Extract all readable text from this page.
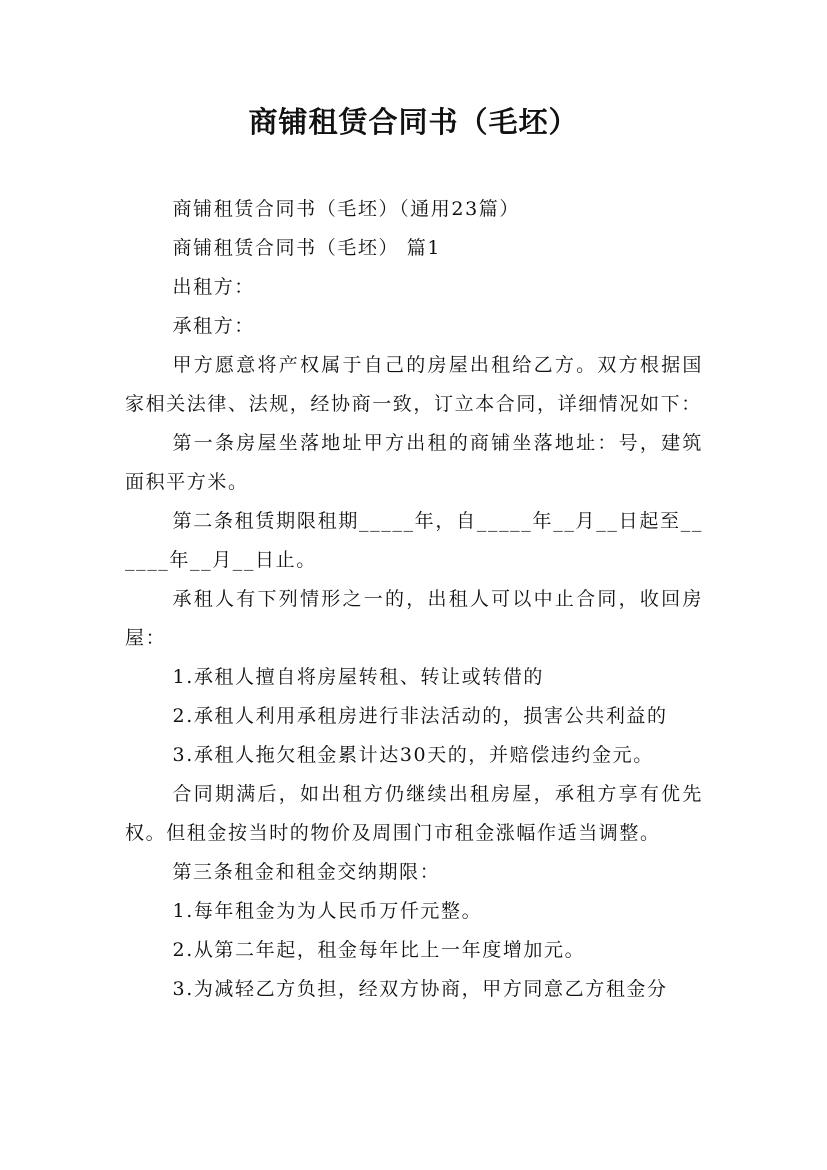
商铺租赁合同书（毛坯）

商铺租赁合同书（毛坯）（通用23篇）

商铺租赁合同书（毛坯） 篇1

出租方：

承租方：

甲方愿意将产权属于自己的房屋出租给乙方。双方根据国家相关法律、法规，经协商一致，订立本合同，详细情况如下：

第一条房屋坐落地址甲方出租的商铺坐落地址：号，建筑面积平方米。

第二条租赁期限租期_____年，自_____年__月__日起至______年__月__日止。

承租人有下列情形之一的，出租人可以中止合同，收回房屋：

1.承租人擅自将房屋转租、转让或转借的

2.承租人利用承租房进行非法活动的，损害公共利益的

3.承租人拖欠租金累计达30天的，并赔偿违约金元。

合同期满后，如出租方仍继续出租房屋，承租方享有优先权。但租金按当时的物价及周围门市租金涨幅作适当调整。

第三条租金和租金交纳期限：

1.每年租金为为人民币万仟元整。

2.从第二年起，租金每年比上一年度增加元。

3.为减轻乙方负担，经双方协商，甲方同意乙方租金分
